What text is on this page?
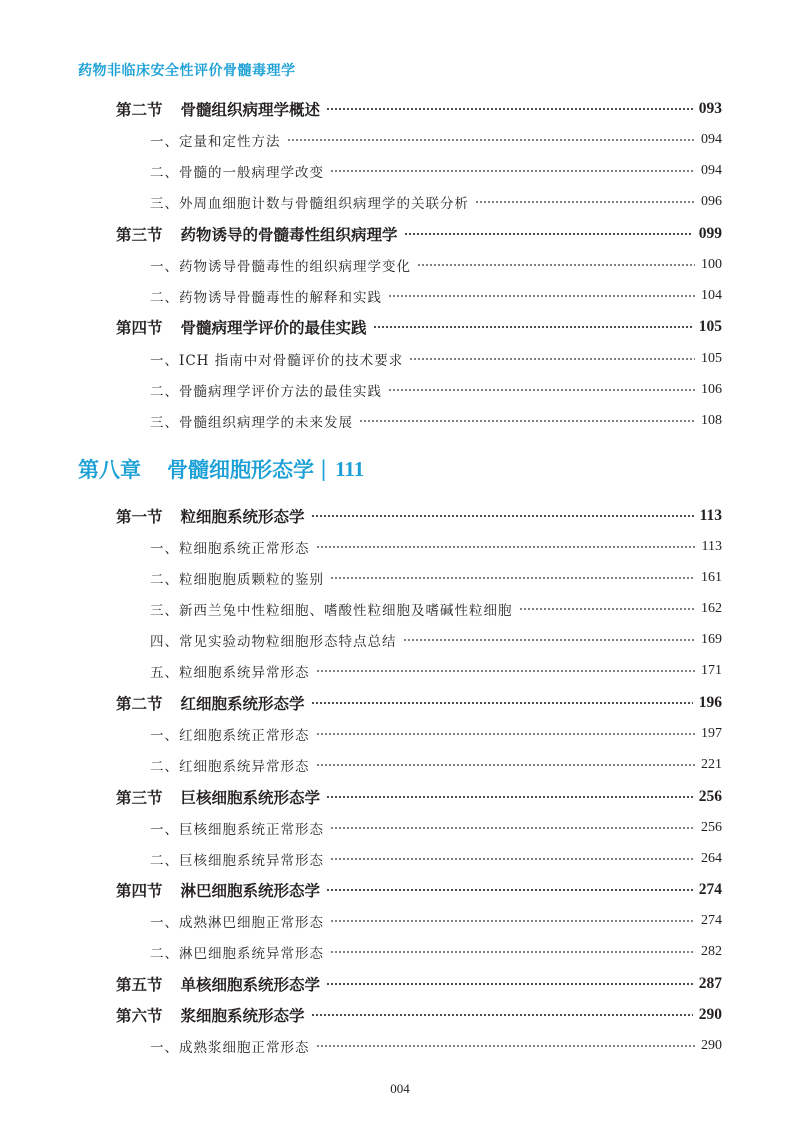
药物非临床安全性评价骨髓毒理学
第二节 骨髓组织病理学概述	093
一、定量和定性方法	094
二、骨髓的一般病理学改变	094
三、外周血细胞计数与骨髓组织病理学的关联分析	096
第三节 药物诱导的骨髓毒性组织病理学	099
一、药物诱导骨髓毒性的组织病理学变化	100
二、药物诱导骨髓毒性的解释和实践	104
第四节 骨髓病理学评价的最佳实践	105
一、ICH 指南中对骨髓评价的技术要求	105
二、骨髓病理学评价方法的最佳实践	106
三、骨髓组织病理学的未来发展	108
第八章 骨髓细胞形态学 | 111
第一节 粒细胞系统形态学	113
一、粒细胞系统正常形态	113
二、粒细胞胞质颗粒的鉴别	161
三、新西兰兔中性粒细胞、嗜酸性粒细胞及嗜碱性粒细胞	162
四、常见实验动物粒细胞形态特点总结	169
五、粒细胞系统异常形态	171
第二节 红细胞系统形态学	196
一、红细胞系统正常形态	197
二、红细胞系统异常形态	221
第三节 巨核细胞系统形态学	256
一、巨核细胞系统正常形态	256
二、巨核细胞系统异常形态	264
第四节 淋巴细胞系统形态学	274
一、成熟淋巴细胞正常形态	274
二、淋巴细胞系统异常形态	282
第五节 单核细胞系统形态学	287
第六节 浆细胞系统形态学	290
一、成熟浆细胞正常形态	290
004
